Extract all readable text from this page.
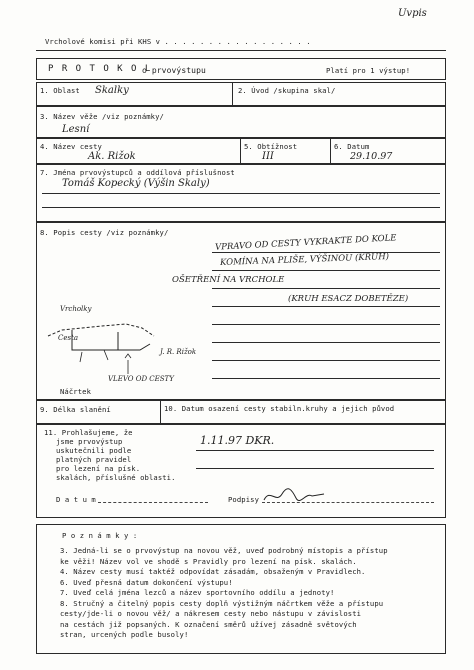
Uvpis
Vrcholové komisi při KHS v . . . . . . . . . . . . . . . . .
P R O T O K O L
o prvovýstupu	Platí pro 1 výstup!
1. Oblast Skalky	2. Úvod /skupina skal/
3. Název věže /viz poznámky/
Lesní
4. Název cesty
Ak. Rižok
5. Obtížnost
III
6. Datum
29.10.97
7. Jména prvovýstupců a oddílová příslušnost
Tomáš Kopecký (Výšin Skaly)
8. Popis cesty /viz poznámky/
VPRAVO OD CESTY VYKRAKTE DO KOLE
KOMÍNA NA PLIŠE, VÝŠINOU (KRUH)
OŠETŘENÍ NA VRCHOLE
(KRUH ESACZ DOBETĚZE)
Vrcholky
Cesta
J. R. Rižok
VLEVO OD CESTY
Náčrtek
9. Délka slanění	10. Datum osazení cesty stabiln.kruhy a jejich původ
11. Prohlašujeme, že
jsme prvovýstup
uskutečnili podle
platných pravidel
pro lezení na písk.
skalách, příslušné oblasti.
1.11.97 DKR.
D a t u m	Podpisy
P o z n á m k y :
3. Jedná-li se o prvovýstup na novou věž, uveď podrobný místopis a přístup
ke věži! Název vol ve shodě s Pravidly pro lezení na písk. skalách.
4. Název cesty musí taktéž odpovídat zásadám, obsaženým v Pravidlech.
6. Uveď přesná datum dokončení výstupu!
7. Uveď celá jména lezců a název sportovního oddílu a jednoty!
8. Stručný a čitelný popis cesty doplň výstižným náčrtkem věže a přístupu
cesty/jde-li o novou věž/ a nákresem cesty nebo nástupu v závislosti
na cestách již popsaných. K označení směrů užívej zásadně světových
stran, urcených podle busoly!
